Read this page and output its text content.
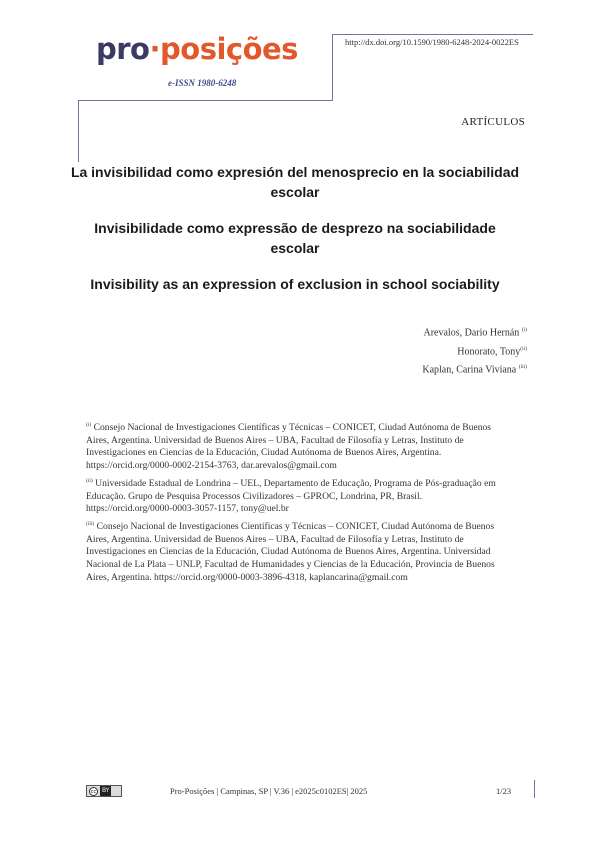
pro·posições
e-ISSN 1980-6248
http://dx.doi.org/10.1590/1980-6248-2024-0022ES
ARTÍCULOS
La invisibilidad como expresión del menosprecio en la sociabilidad escolar
Invisibilidade como expressão de desprezo na sociabilidade escolar
Invisibility as an expression of exclusion in school sociability
Arevalos, Dario Hernán $^{(i)}$
Honorato, Tony$^{(ii)}$
Kaplan, Carina Viviana $^{(iii)}$
$^{(i)}$ Consejo Nacional de Investigaciones Científicas y Técnicas – CONICET, Ciudad Autónoma de Buenos Aires, Argentina. Universidad de Buenos Aires – UBA, Facultad de Filosofía y Letras, Instituto de Investigaciones en Ciencias de la Educación, Ciudad Autónoma de Buenos Aires, Argentina. https://orcid.org/0000-0002-2154-3763, dar.arevalos@gmail.com
$^{(ii)}$ Universidade Estadual de Londrina – UEL, Departamento de Educação, Programa de Pós-graduação em Educação. Grupo de Pesquisa Processos Civilizadores – GPROC, Londrina, PR, Brasil. https://orcid.org/0000-0003-3057-1157, tony@uel.br
$^{(iii)}$ Consejo Nacional de Investigaciones Científicas y Técnicas – CONICET, Ciudad Autónoma de Buenos Aires, Argentina. Universidad de Buenos Aires – UBA, Facultad de Filosofía y Letras, Instituto de Investigaciones en Ciencias de la Educación, Ciudad Autónoma de Buenos Aires, Argentina. Universidad Nacional de La Plata – UNLP, Facultad de Humanidades y Ciencias de la Educación, Provincia de Buenos Aires, Argentina. https://orcid.org/0000-0003-3896-4318, kaplancarina@gmail.com
cc BY	Pro-Posições | Campinas, SP | V.36 | e2025c0102ES| 2025	1/23
